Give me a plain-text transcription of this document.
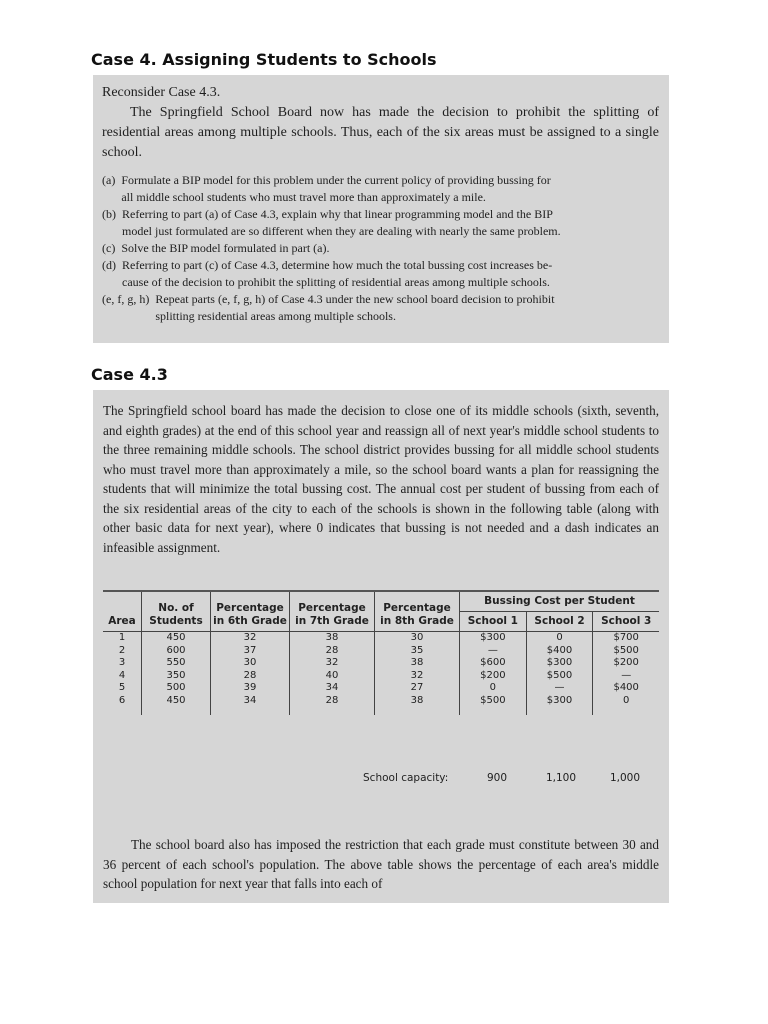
Case 4. Assigning Students to Schools

Reconsider Case 4.3.

The Springfield School Board now has made the decision to prohibit the splitting of residential areas among multiple schools. Thus, each of the six areas must be assigned to a single school.

(a) Formulate a BIP model for this problem under the current policy of providing bussing for
all middle school students who must travel more than approximately a mile.
(b) Referring to part (a) of Case 4.3, explain why that linear programming model and the BIP
model just formulated are so different when they are dealing with nearly the same problem.
(c) Solve the BIP model formulated in part (a).
(d) Referring to part (c) of Case 4.3, determine how much the total bussing cost increases be-
cause of the decision to prohibit the splitting of residential areas among multiple schools.
(e, f, g, h) Repeat parts (e, f, g, h) of Case 4.3 under the new school board decision to prohibit
splitting residential areas among multiple schools.
Case 4.3

The Springfield school board has made the decision to close one of its middle schools (sixth, seventh, and eighth grades) at the end of this school year and reassign all of next year's middle school students to the three remaining middle schools. The school district provides bussing for all middle school students who must travel more than approximately a mile, so the school board wants a plan for reassigning the students that will minimize the total bussing cost. The annual cost per student of bussing from each of the six residential areas of the city to each of the schools is shown in the following table (along with other basic data for next year), where 0 indicates that bussing is not needed and a dash indicates an infeasible assignment.

Area	No. of Students	Percentage in 6th Grade	Percentage in 7th Grade	Percentage in 8th Grade	Bussing Cost per Student		
					School 1	School 2	School 3
1	450	32	38	30	$300	0	$700
2	600	37	28	35	—	$400	$500
3	550	30	32	38	$600	$300	$200
4	350	28	40	32	$200	$500	—
5	500	39	34	27	0	—	$400
6	450	34	28	38	$500	$300	0
School capacity:	900	1,100	1,000

The school board also has imposed the restriction that each grade must constitute between 30 and 36 percent of each school's population. The above table shows the percentage of each area's middle school population for next year that falls into each of
